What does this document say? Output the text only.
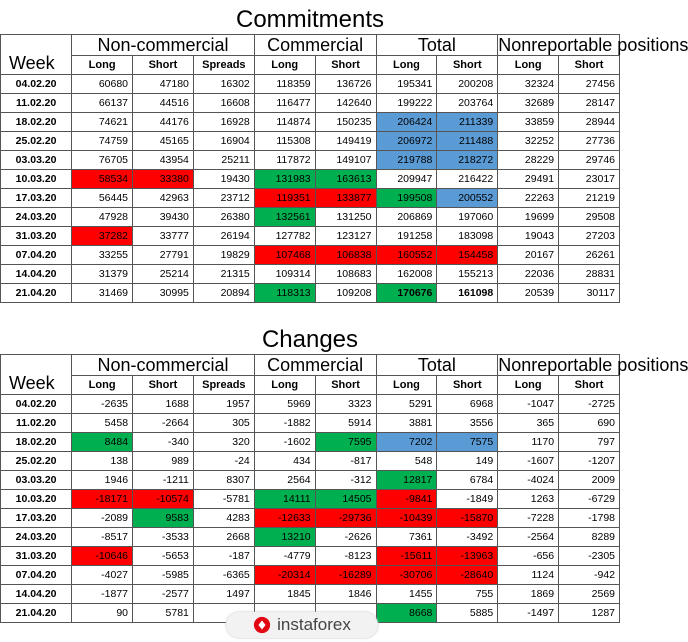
Commitments
Week	Non-commercial			Commercial		Total		Nonreportable positions	
	Long	Short	Spreads	Long	Short	Long	Short	Long	Short
04.02.20	60680	47180	16302	118359	136726	195341	200208	32324	27456
11.02.20	66137	44516	16608	116477	142640	199222	203764	32689	28147
18.02.20	74621	44176	16928	114874	150235	206424	211339	33859	28944
25.02.20	74759	45165	16904	115308	149419	206972	211488	32252	27736
03.03.20	76705	43954	25211	117872	149107	219788	218272	28229	29746
10.03.20	58534	33380	19430	131983	163613	209947	216422	29491	23017
17.03.20	56445	42963	23712	119351	133877	199508	200552	22263	21219
24.03.20	47928	39430	26380	132561	131250	206869	197060	19699	29508
31.03.20	37282	33777	26194	127782	123127	191258	183098	19043	27203
07.04.20	33255	27791	19829	107468	106838	160552	154458	20167	26261
14.04.20	31379	25214	21315	109314	108683	162008	155213	22036	28831
21.04.20	31469	30995	20894	118313	109208	170676	161098	20539	30117
Changes
Week	Non-commercial			Commercial		Total		Nonreportable positions	
	Long	Short	Spreads	Long	Short	Long	Short	Long	Short
04.02.20	-2635	1688	1957	5969	3323	5291	6968	-1047	-2725
11.02.20	5458	-2664	305	-1882	5914	3881	3556	365	690
18.02.20	8484	-340	320	-1602	7595	7202	7575	1170	797
25.02.20	138	989	-24	434	-817	548	149	-1607	-1207
03.03.20	1946	-1211	8307	2564	-312	12817	6784	-4024	2009
10.03.20	-18171	-10574	-5781	14111	14505	-9841	-1849	1263	-6729
17.03.20	-2089	9583	4283	-12633	-29736	-10439	-15870	-7228	-1798
24.03.20	-8517	-3533	2668	13210	-2626	7361	-3492	-2564	8289
31.03.20	-10646	-5653	-187	-4779	-8123	-15611	-13963	-656	-2305
07.04.20	-4027	-5985	-6365	-20314	-16289	-30706	-28640	1124	-942
14.04.20	-1877	-2577	1497	1845	1846	1455	755	1869	2569
21.04.20	90	5781				8668	5885	-1497	1287
instaforex
